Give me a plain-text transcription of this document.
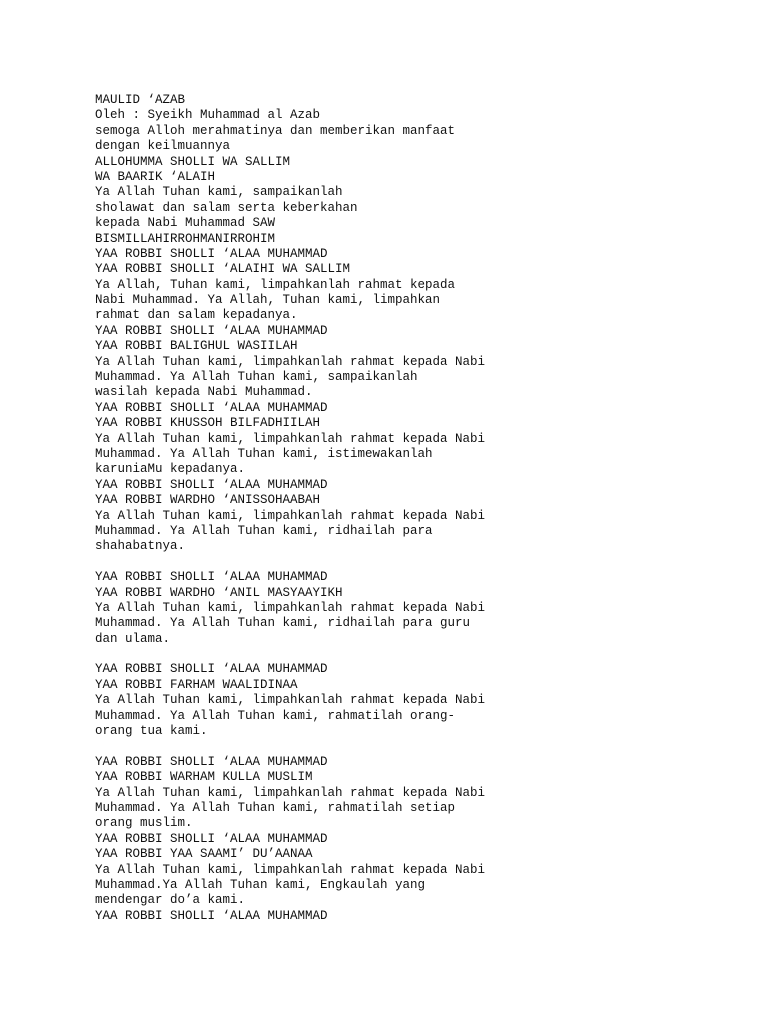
MAULID ‘AZAB
Oleh : Syeikh Muhammad al Azab
semoga Alloh merahmatinya dan memberikan manfaat
dengan keilmuannya
ALLOHUMMA SHOLLI WA SALLIM
WA BAARIK ‘ALAIH
Ya Allah Tuhan kami, sampaikanlah
sholawat dan salam serta keberkahan
kepada Nabi Muhammad SAW
BISMILLAHIRROHMANIRROHIM
YAA ROBBI SHOLLI ‘ALAA MUHAMMAD
YAA ROBBI SHOLLI ‘ALAIHI WA SALLIM
Ya Allah, Tuhan kami, limpahkanlah rahmat kepada
Nabi Muhammad. Ya Allah, Tuhan kami, limpahkan
rahmat dan salam kepadanya.
YAA ROBBI SHOLLI ‘ALAA MUHAMMAD
YAA ROBBI BALIGHUL WASIILAH
Ya Allah Tuhan kami, limpahkanlah rahmat kepada Nabi
Muhammad. Ya Allah Tuhan kami, sampaikanlah
wasilah kepada Nabi Muhammad.
YAA ROBBI SHOLLI ‘ALAA MUHAMMAD
YAA ROBBI KHUSSOH BILFADHIILAH
Ya Allah Tuhan kami, limpahkanlah rahmat kepada Nabi
Muhammad. Ya Allah Tuhan kami, istimewakanlah
karuniaMu kepadanya.
YAA ROBBI SHOLLI ‘ALAA MUHAMMAD
YAA ROBBI WARDHO ‘ANISSOHAABAH
Ya Allah Tuhan kami, limpahkanlah rahmat kepada Nabi
Muhammad. Ya Allah Tuhan kami, ridhailah para
shahabatnya.
YAA ROBBI SHOLLI ‘ALAA MUHAMMAD
YAA ROBBI WARDHO ‘ANIL MASYAAYIKH
Ya Allah Tuhan kami, limpahkanlah rahmat kepada Nabi
Muhammad. Ya Allah Tuhan kami, ridhailah para guru
dan ulama.
YAA ROBBI SHOLLI ‘ALAA MUHAMMAD
YAA ROBBI FARHAM WAALIDINAA
Ya Allah Tuhan kami, limpahkanlah rahmat kepada Nabi
Muhammad. Ya Allah Tuhan kami, rahmatilah orang-
orang tua kami.
YAA ROBBI SHOLLI ‘ALAA MUHAMMAD
YAA ROBBI WARHAM KULLA MUSLIM
Ya Allah Tuhan kami, limpahkanlah rahmat kepada Nabi
Muhammad. Ya Allah Tuhan kami, rahmatilah setiap
orang muslim.
YAA ROBBI SHOLLI ‘ALAA MUHAMMAD
YAA ROBBI YAA SAAMI’ DU’AANAA
Ya Allah Tuhan kami, limpahkanlah rahmat kepada Nabi
Muhammad.Ya Allah Tuhan kami, Engkaulah yang
mendengar do’a kami.
YAA ROBBI SHOLLI ‘ALAA MUHAMMAD
